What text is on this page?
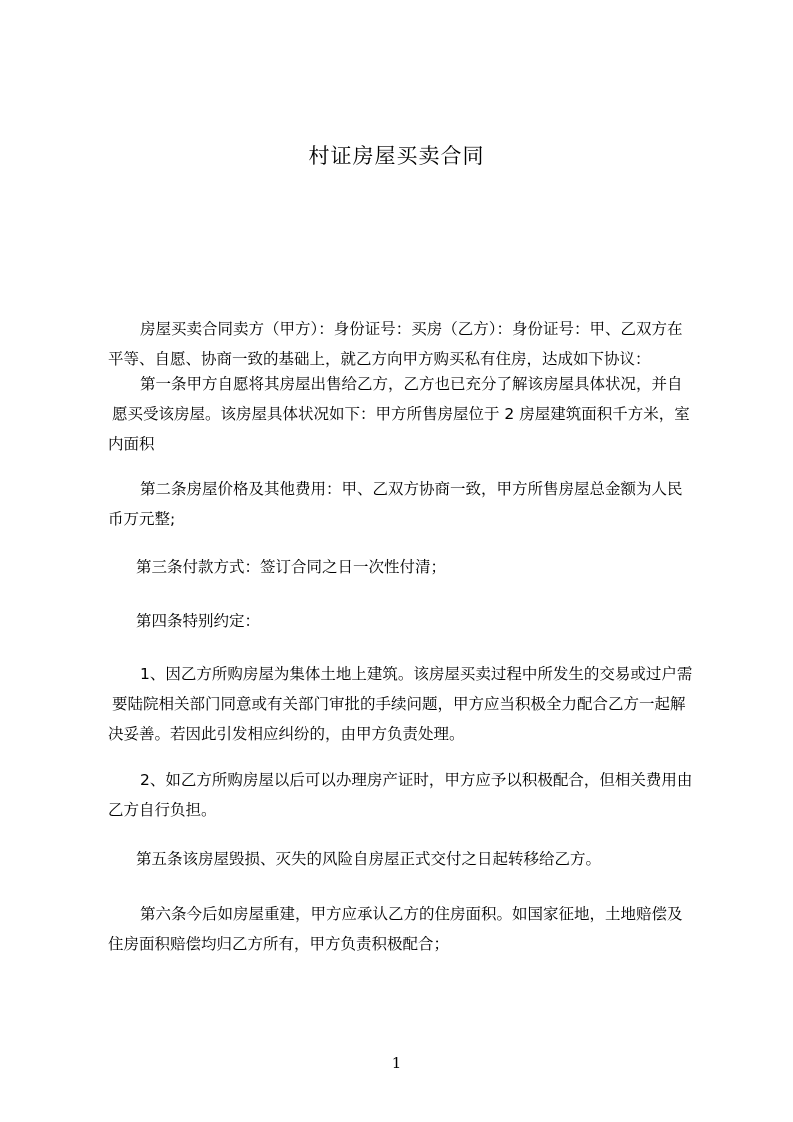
村证房屋买卖合同

房屋买卖合同卖方（甲方）：身份证号：买房（乙方）：身份证号：甲、乙双方在
平等、自愿、协商一致的基础上，就乙方向甲方购买私有住房，达成如下协议：

第一条甲方自愿将其房屋出售给乙方，乙方也已充分了解该房屋具体状况，并自
愿买受该房屋。该房屋具体状况如下：甲方所售房屋位于 2 房屋建筑面积千方米，室
内面积

第二条房屋价格及其他费用：甲、乙双方协商一致，甲方所售房屋总金额为人民
币万元整;

第三条付款方式：签订合同之日一次性付清；

第四条特别约定：

1、因乙方所购房屋为集体土地上建筑。该房屋买卖过程中所发生的交易或过户需
要陆院相关部门同意或有关部门审批的手续问题，甲方应当积极全力配合乙方一起解
决妥善。若因此引发相应纠纷的，由甲方负责处理。

2、如乙方所购房屋以后可以办理房产证时，甲方应予以积极配合，但相关费用由
乙方自行负担。

第五条该房屋毁损、灭失的风险自房屋正式交付之日起转移给乙方。

第六条今后如房屋重建，甲方应承认乙方的住房面积。如国家征地，土地赔偿及
住房面积赔偿均归乙方所有，甲方负责积极配合；

1
